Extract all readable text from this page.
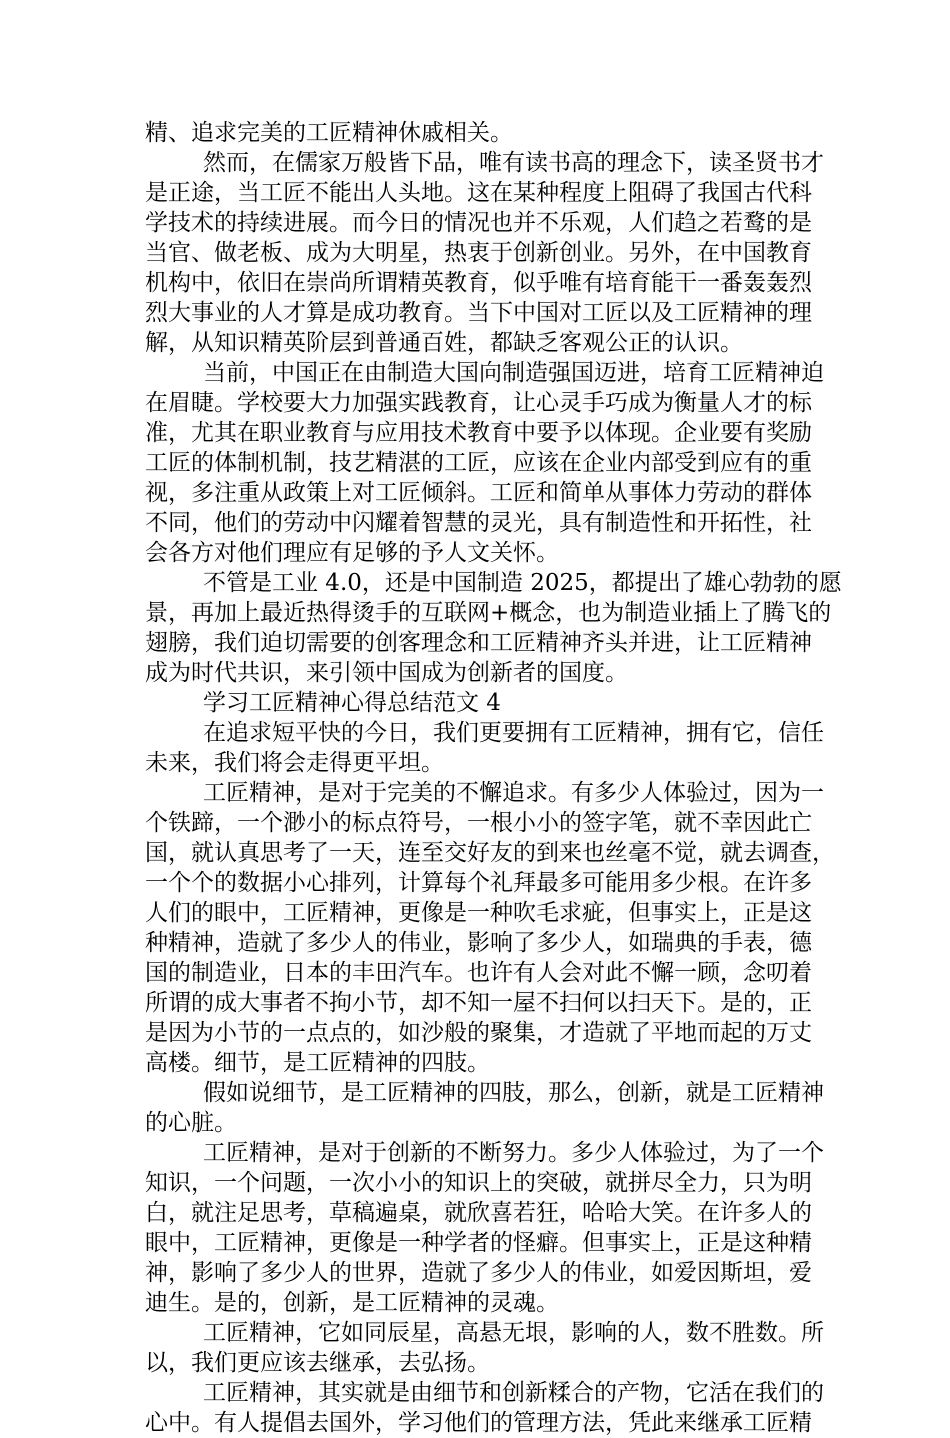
精、追求完美的工匠精神休戚相关。
然而，在儒家万般皆下品，唯有读书高的理念下，读圣贤书才
是正途，当工匠不能出人头地。这在某种程度上阻碍了我国古代科
学技术的持续进展。而今日的情况也并不乐观，人们趋之若鹜的是
当官、做老板、成为大明星，热衷于创新创业。另外，在中国教育
机构中，依旧在崇尚所谓精英教育，似乎唯有培育能干一番轰轰烈
烈大事业的人才算是成功教育。当下中国对工匠以及工匠精神的理
解，从知识精英阶层到普通百姓，都缺乏客观公正的认识。
当前，中国正在由制造大国向制造强国迈进，培育工匠精神迫
在眉睫。学校要大力加强实践教育，让心灵手巧成为衡量人才的标
准，尤其在职业教育与应用技术教育中要予以体现。企业要有奖励
工匠的体制机制，技艺精湛的工匠，应该在企业内部受到应有的重
视，多注重从政策上对工匠倾斜。工匠和简单从事体力劳动的群体
不同，他们的劳动中闪耀着智慧的灵光，具有制造性和开拓性，社
会各方对他们理应有足够的予人文关怀。
不管是工业 4.0，还是中国制造 2025，都提出了雄心勃勃的愿
景，再加上最近热得烫手的互联网+概念，也为制造业插上了腾飞的
翅膀，我们迫切需要的创客理念和工匠精神齐头并进，让工匠精神
成为时代共识，来引领中国成为创新者的国度。
学习工匠精神心得总结范文 4
在追求短平快的今日，我们更要拥有工匠精神，拥有它，信任
未来，我们将会走得更平坦。
工匠精神，是对于完美的不懈追求。有多少人体验过，因为一
个铁蹄，一个渺小的标点符号，一根小小的签字笔，就不幸因此亡
国，就认真思考了一天，连至交好友的到来也丝毫不觉，就去调查，
一个个的数据小心排列，计算每个礼拜最多可能用多少根。在许多
人们的眼中，工匠精神，更像是一种吹毛求疵，但事实上，正是这
种精神，造就了多少人的伟业，影响了多少人，如瑞典的手表，德
国的制造业，日本的丰田汽车。也许有人会对此不懈一顾，念叨着
所谓的成大事者不拘小节，却不知一屋不扫何以扫天下。是的，正
是因为小节的一点点的，如沙般的聚集，才造就了平地而起的万丈
高楼。细节，是工匠精神的四肢。
假如说细节，是工匠精神的四肢，那么，创新，就是工匠精神
的心脏。
工匠精神，是对于创新的不断努力。多少人体验过，为了一个
知识，一个问题，一次小小的知识上的突破，就拼尽全力，只为明
白，就注足思考，草稿遍桌，就欣喜若狂，哈哈大笑。在许多人的
眼中，工匠精神，更像是一种学者的怪癖。但事实上，正是这种精
神，影响了多少人的世界，造就了多少人的伟业，如爱因斯坦，爱
迪生。是的，创新，是工匠精神的灵魂。
工匠精神，它如同辰星，高悬无垠，影响的人，数不胜数。所
以，我们更应该去继承，去弘扬。
工匠精神，其实就是由细节和创新糅合的产物，它活在我们的
心中。有人提倡去国外，学习他们的管理方法，凭此来继承工匠精
